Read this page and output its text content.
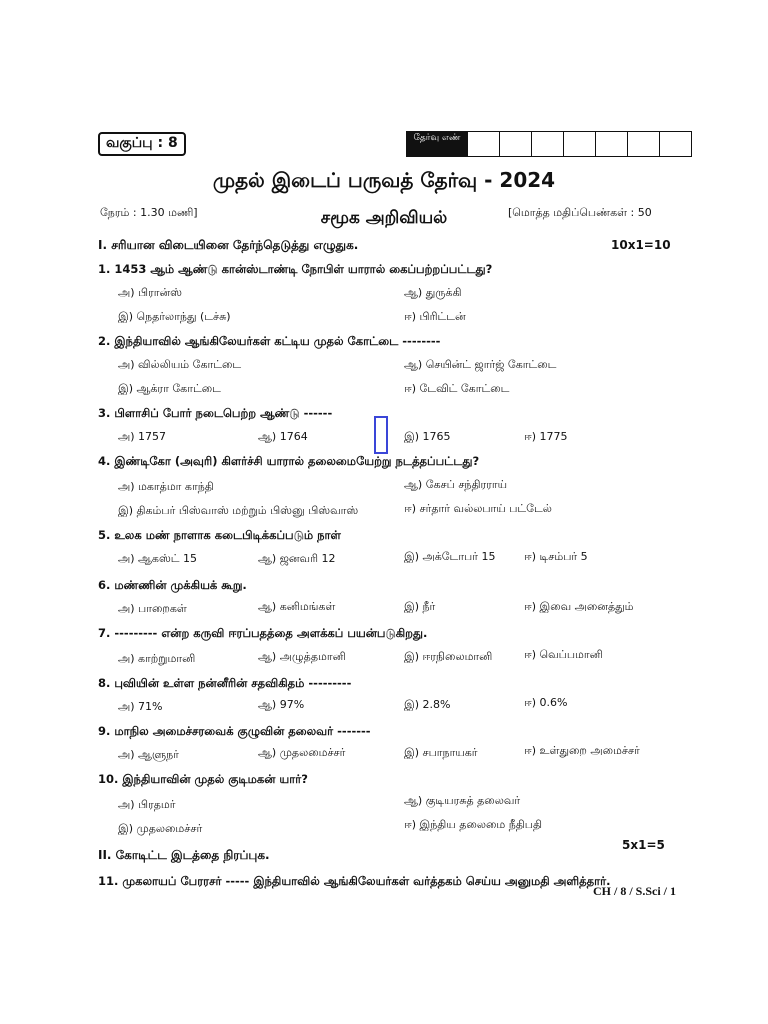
வகுப்பு : 8	தேர்வு எண்
முதல் இடைப் பருவத் தேர்வு - 2024
நேரம் : 1.30 மணி]	சமூக அறிவியல்	[மொத்த மதிப்பெண்கள் : 50
I. சரியான விடையினை தேர்ந்தெடுத்து எழுதுக.	10x1=10
1. 1453 ஆம் ஆண்டு கான்ஸ்டாண்டி நோபிள் யாரால் கைப்பற்றப்பட்டது?
அ) பிரான்ஸ்	ஆ) துருக்கி
இ) நெதர்லாந்து (டச்சு)	ஈ) பிரிட்டன்
2. இந்தியாவில் ஆங்கிலேயர்கள் கட்டிய முதல் கோட்டை --------
அ) வில்லியம் கோட்டை	ஆ) செயின்ட் ஜார்ஜ் கோட்டை
இ) ஆக்ரா கோட்டை	ஈ) டேவிட் கோட்டை
3. பிளாசிப் போர் நடைபெற்ற ஆண்டு ------
அ) 1757	ஆ) 1764	இ) 1765	ஈ) 1775
4. இண்டிகோ (அவுரி) கிளர்ச்சி யாரால் தலைமையேற்று நடத்தப்பட்டது?
அ) மகாத்மா காந்தி	ஆ) கேசப் சந்திரராய்
இ) திகம்பர் பிஸ்வாஸ் மற்றும் பிஸ்னு பிஸ்வாஸ்	ஈ) சர்தார் வல்லபாய் பட்டேல்
5. உலக மண் நாளாக கடைபிடிக்கப்படும் நாள்
அ) ஆகஸ்ட் 15	ஆ) ஜனவரி 12	இ) அக்டோபர் 15	ஈ) டிசம்பர் 5
6. மண்ணின் முக்கியக் கூறு.
அ) பாறைகள்	ஆ) கனிமங்கள்	இ) நீர்	ஈ) இவை அனைத்தும்
7. --------- என்ற கருவி ஈரப்பதத்தை அளக்கப் பயன்படுகிறது.
அ) காற்றுமானி	ஆ) அழுத்தமானி	இ) ஈரநிலைமானி	ஈ) வெப்பமானி
8. புவியின் உள்ள நன்னீரின் சதவிகிதம் ---------
அ) 71%	ஆ) 97%	இ) 2.8%	ஈ) 0.6%
9. மாநில அமைச்சரவைக் குழுவின் தலைவர் -------
அ) ஆளுநர்	ஆ) முதலமைச்சர்	இ) சபாநாயகர்	ஈ) உள்துறை அமைச்சர்
10. இந்தியாவின் முதல் குடிமகன் யார்?
அ) பிரதமர்	ஆ) குடியரசுத் தலைவர்
இ) முதலமைச்சர்	ஈ) இந்திய தலைமை நீதிபதி
5x1=5
II. கோடிட்ட இடத்தை நிரப்புக.
11. முகலாயப் பேரரசர் ----- இந்தியாவில் ஆங்கிலேயர்கள் வர்த்தகம் செய்ய அனுமதி அளித்தார்.
CH / 8 / S.Sci / 1
